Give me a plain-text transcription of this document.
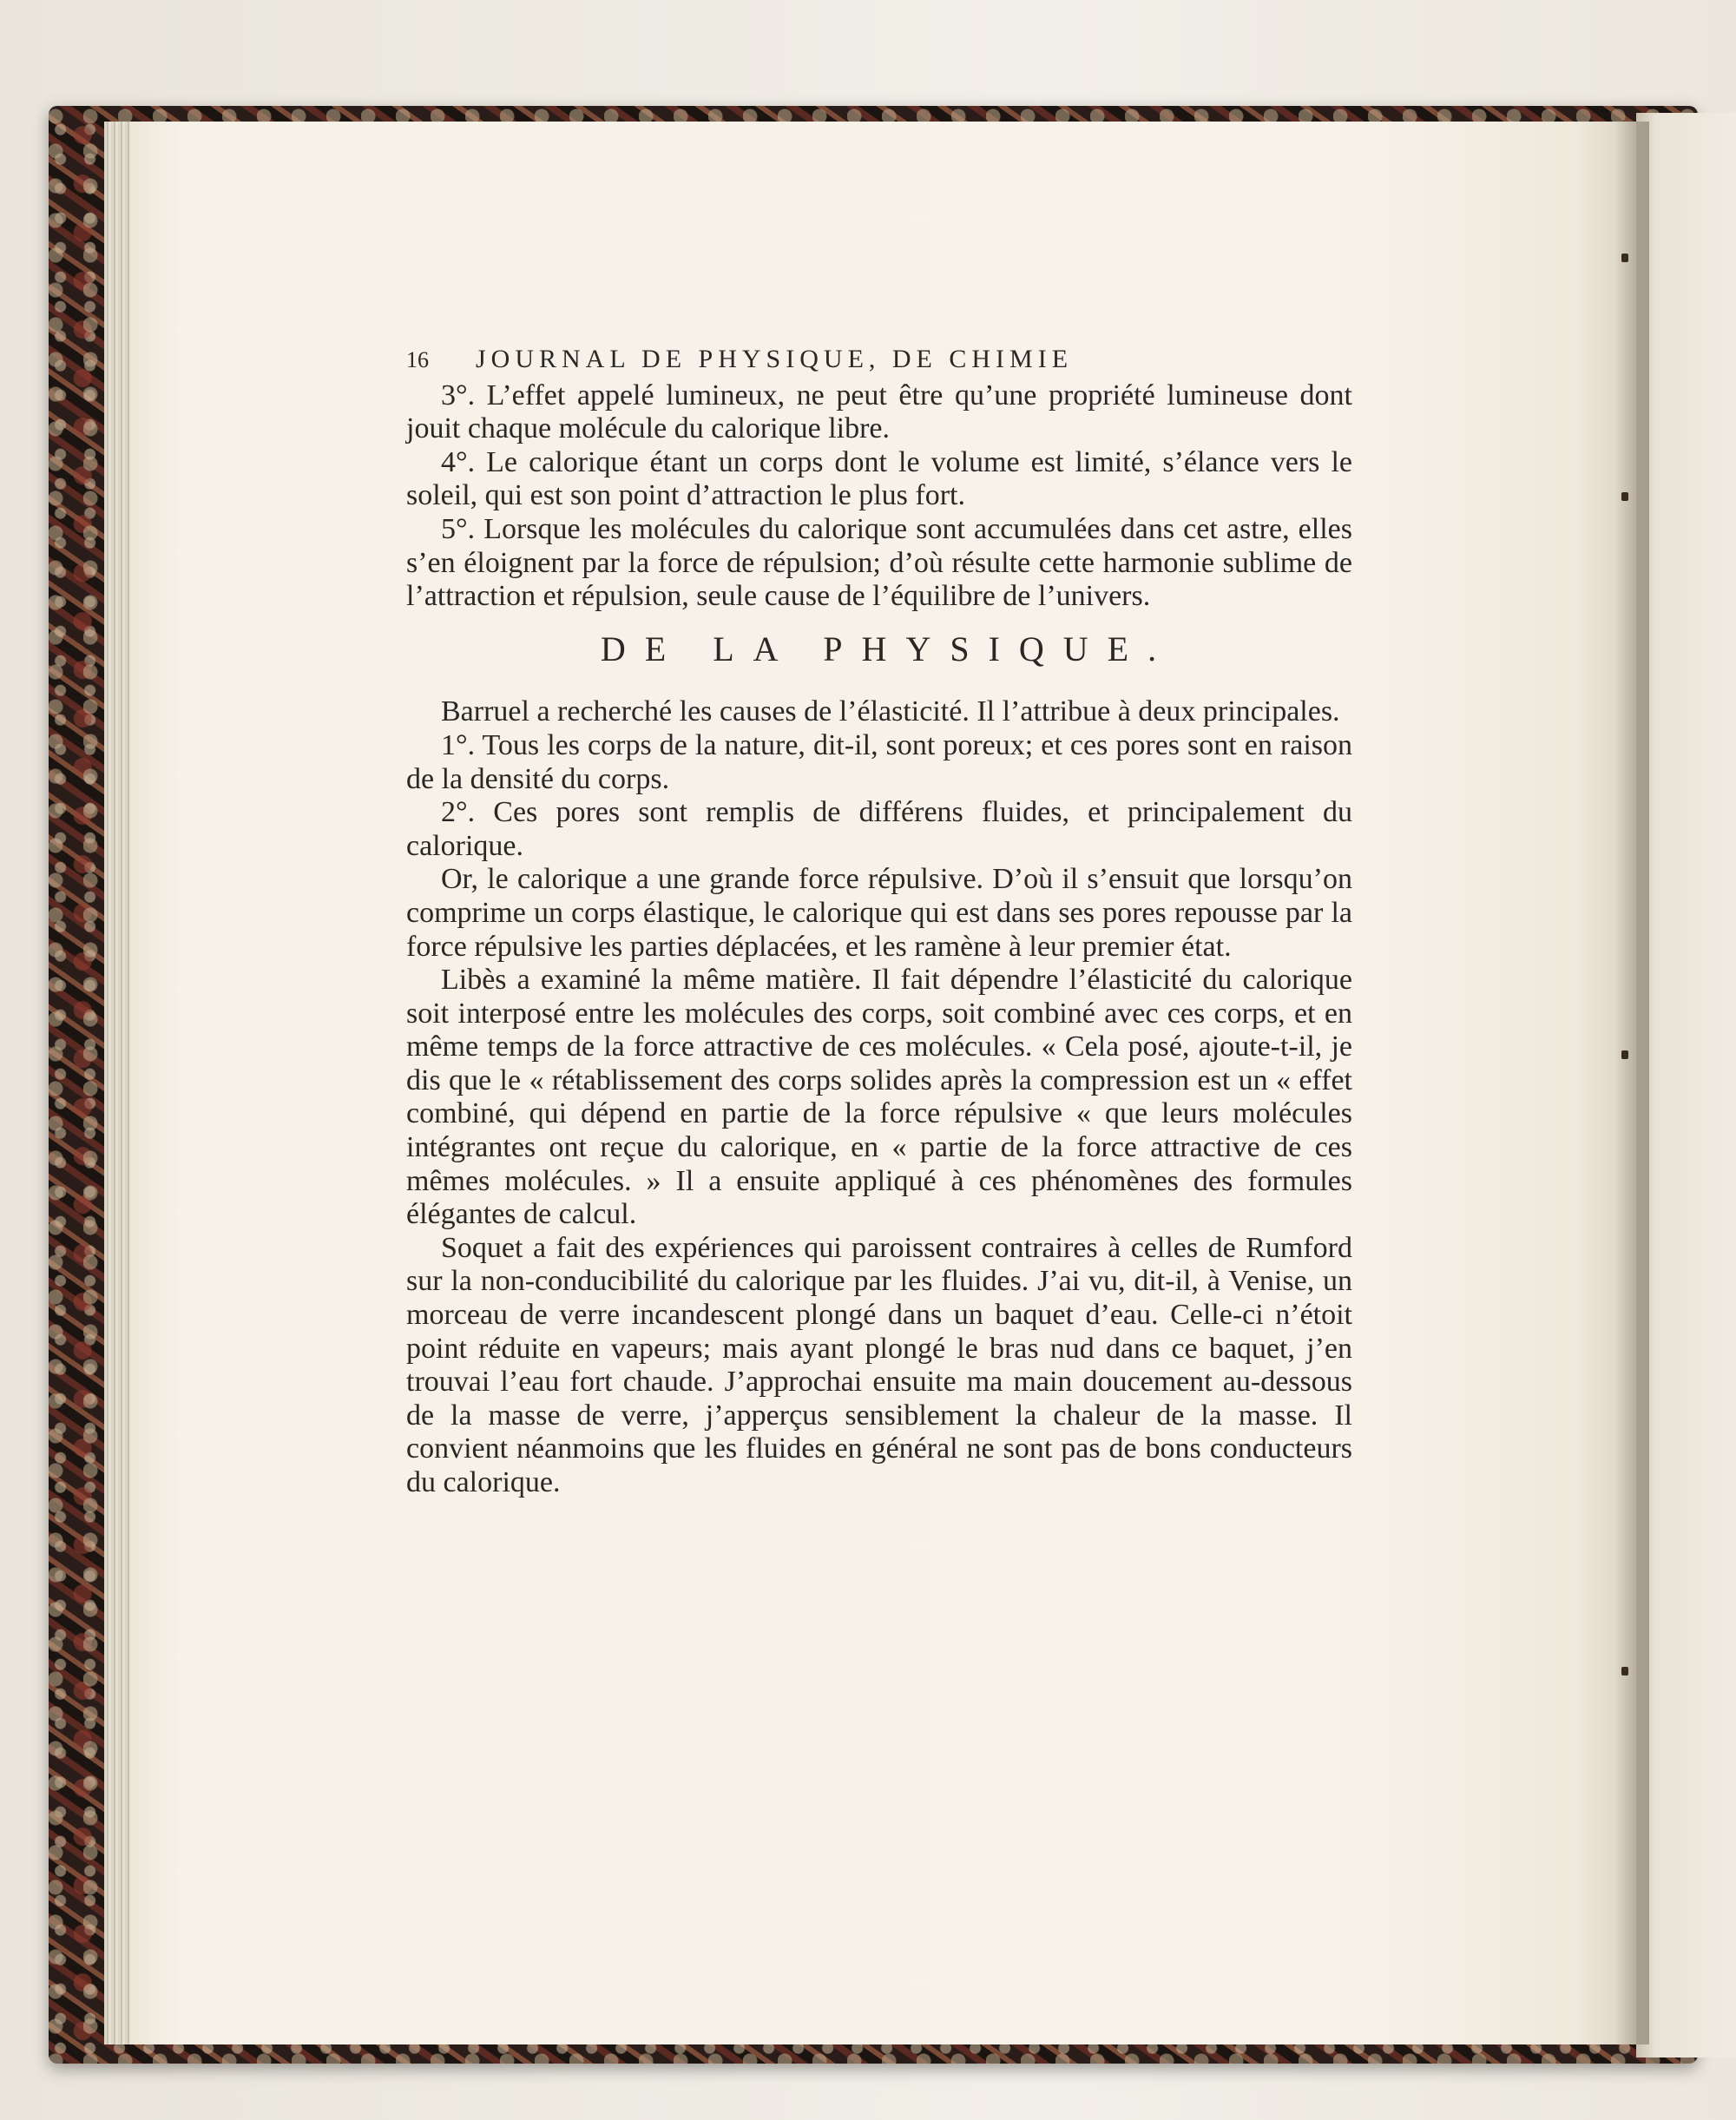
16	JOURNAL DE PHYSIQUE, DE CHIMIE

3°. L’effet appelé lumineux, ne peut être qu’une propriété lumineuse dont jouit chaque molécule du calorique libre.

4°. Le calorique étant un corps dont le volume est limité, s’élance vers le soleil, qui est son point d’attraction le plus fort.

5°. Lorsque les molécules du calorique sont accumulées dans cet astre, elles s’en éloignent par la force de répulsion; d’où résulte cette harmonie sublime de l’attraction et répulsion, seule cause de l’équilibre de l’univers.

DE LA PHYSIQUE.

Barruel a recherché les causes de l’élasticité. Il l’attribue à deux principales.

1°. Tous les corps de la nature, dit-il, sont poreux; et ces pores sont en raison de la densité du corps.

2°. Ces pores sont remplis de différens fluides, et principalement du calorique.

Or, le calorique a une grande force répulsive. D’où il s’ensuit que lorsqu’on comprime un corps élastique, le calorique qui est dans ses pores repousse par la force répulsive les parties déplacées, et les ramène à leur premier état.

Libès a examiné la même matière. Il fait dépendre l’élasticité du calorique soit interposé entre les molécules des corps, soit combiné avec ces corps, et en même temps de la force attractive de ces molécules. « Cela posé, ajoute-t-il, je dis que le « rétablissement des corps solides après la compression est un « effet combiné, qui dépend en partie de la force répulsive « que leurs molécules intégrantes ont reçue du calorique, en « partie de la force attractive de ces mêmes molécules. » Il a ensuite appliqué à ces phénomènes des formules élégantes de calcul.

Soquet a fait des expériences qui paroissent contraires à celles de Rumford sur la non-conducibilité du calorique par les fluides. J’ai vu, dit-il, à Venise, un morceau de verre incandescent plongé dans un baquet d’eau. Celle-ci n’étoit point réduite en vapeurs; mais ayant plongé le bras nud dans ce baquet, j’en trouvai l’eau fort chaude. J’approchai ensuite ma main doucement au-dessous de la masse de verre, j’apperçus sensiblement la chaleur de la masse. Il convient néanmoins que les fluides en général ne sont pas de bons conducteurs du calorique.
